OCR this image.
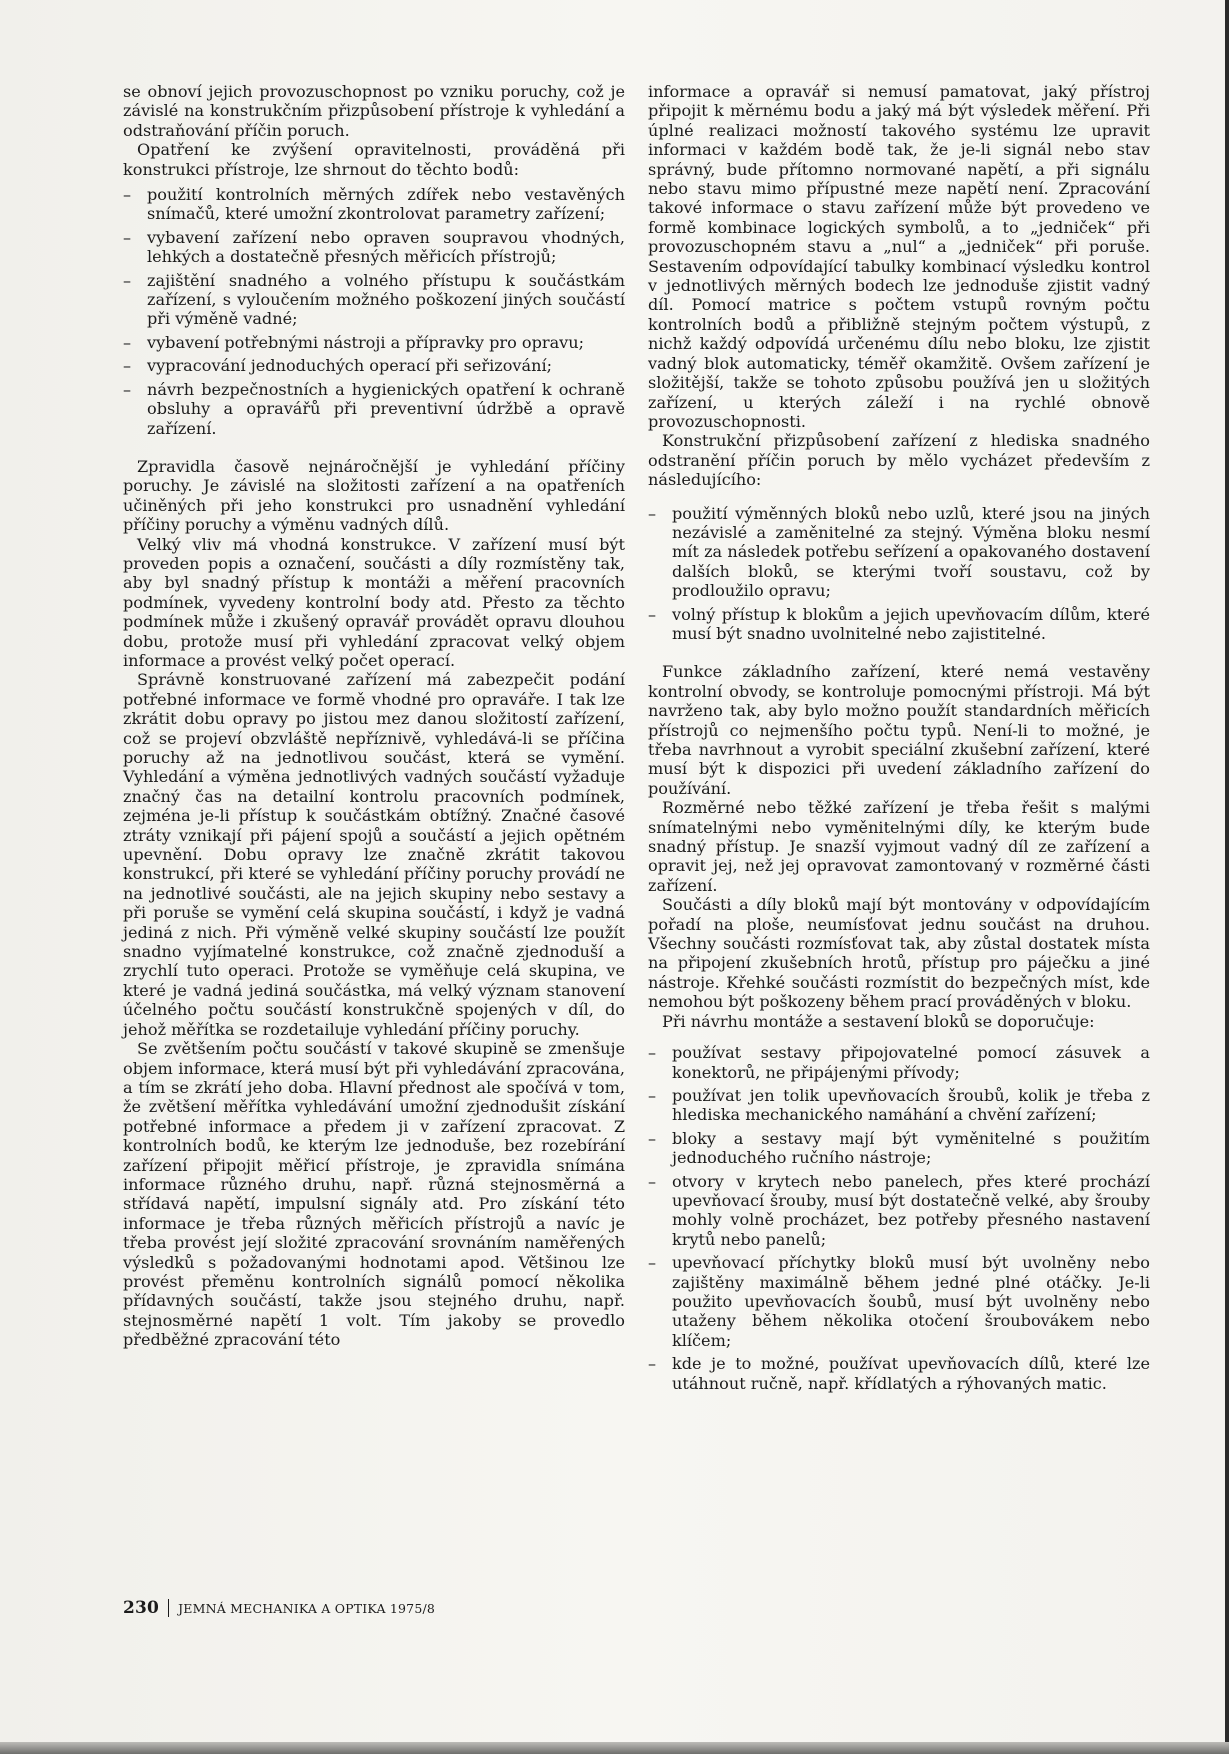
se obnoví jejich provozuschopnost po vzniku poruchy, což je závislé na konstrukčním přizpůsobení přístroje k vyhledání a odstraňování příčin poruch.

Opatření ke zvýšení opravitelnosti, prováděná při konstrukci přístroje, lze shrnout do těchto bodů:

– použití kontrolních měrných zdířek nebo vestavěných snímačů, které umožní zkontrolovat parametry zařízení;
– vybavení zařízení nebo opraven soupravou vhodných, lehkých a dostatečně přesných měřicích přístrojů;
– zajištění snadného a volného přístupu k součástkám zařízení, s vyloučením možného poškození jiných součástí při výměně vadné;
– vybavení potřebnými nástroji a přípravky pro opravu;
– vypracování jednoduchých operací při seřizování;
– návrh bezpečnostních a hygienických opatření k ochraně obsluhy a opravářů při preventivní údržbě a opravě zařízení.

Zpravidla časově nejnáročnější je vyhledání příčiny poruchy. Je závislé na složitosti zařízení a na opatřeních učiněných při jeho konstrukci pro usnadnění vyhledání příčiny poruchy a výměnu vadných dílů.

Velký vliv má vhodná konstrukce. V zařízení musí být proveden popis a označení, součásti a díly rozmístěny tak, aby byl snadný přístup k montáži a měření pracovních podmínek, vyvedeny kontrolní body atd. Přesto za těchto podmínek může i zkušený opravář provádět opravu dlouhou dobu, protože musí při vyhledání zpracovat velký objem informace a provést velký počet operací.

Správně konstruované zařízení má zabezpečit podání potřebné informace ve formě vhodné pro opraváře. I tak lze zkrátit dobu opravy po jistou mez danou složitostí zařízení, což se projeví obzvláště nepříznivě, vyhledává-li se příčina poruchy až na jednotlivou součást, která se vymění. Vyhledání a výměna jednotlivých vadných součástí vyžaduje značný čas na detailní kontrolu pracovních podmínek, zejména je-li přístup k součástkám obtížný. Značné časové ztráty vznikají při pájení spojů a součástí a jejich opětném upevnění. Dobu opravy lze značně zkrátit takovou konstrukcí, při které se vyhledání příčiny poruchy provádí ne na jednotlivé součásti, ale na jejich skupiny nebo sestavy a při poruše se vymění celá skupina součástí, i když je vadná jediná z nich. Při výměně velké skupiny součástí lze použít snadno vyjímatelné konstrukce, což značně zjednoduší a zrychlí tuto operaci. Protože se vyměňuje celá skupina, ve které je vadná jediná součástka, má velký význam stanovení účelného počtu součástí konstrukčně spojených v díl, do jehož měřítka se rozdetailuje vyhledání příčiny poruchy.

Se zvětšením počtu součástí v takové skupině se zmenšuje objem informace, která musí být při vyhledávání zpracována, a tím se zkrátí jeho doba. Hlavní přednost ale spočívá v tom, že zvětšení měřítka vyhledávání umožní zjednodušit získání potřebné informace a předem ji v zařízení zpracovat. Z kontrolních bodů, ke kterým lze jednoduše, bez rozebírání zařízení připojit měřicí přístroje, je zpravidla snímána informace různého druhu, např. různá stejnosměrná a střídavá napětí, impulsní signály atd. Pro získání této informace je třeba různých měřicích přístrojů a navíc je třeba provést její složité zpracování srovnáním naměřených výsledků s požadovanými hodnotami apod. Většinou lze provést přeměnu kontrolních signálů pomocí několika přídavných součástí, takže jsou stejného druhu, např. stejnosměrné napětí 1 volt. Tím jakoby se provedlo předběžné zpracování této

informace a opravář si nemusí pamatovat, jaký přístroj připojit k měrnému bodu a jaký má být výsledek měření. Při úplné realizaci možností takového systému lze upravit informaci v každém bodě tak, že je-li signál nebo stav správný, bude přítomno normované napětí, a při signálu nebo stavu mimo přípustné meze napětí není. Zpracování takové informace o stavu zařízení může být provedeno ve formě kombinace logických symbolů, a to „jedniček“ při provozuschopném stavu a „nul“ a „jedniček“ při poruše. Sestavením odpovídající tabulky kombinací výsledku kontrol v jednotlivých měrných bodech lze jednoduše zjistit vadný díl. Pomocí matrice s počtem vstupů rovným počtu kontrolních bodů a přibližně stejným počtem výstupů, z nichž každý odpovídá určenému dílu nebo bloku, lze zjistit vadný blok automaticky, téměř okamžitě. Ovšem zařízení je složitější, takže se tohoto způsobu používá jen u složitých zařízení, u kterých záleží i na rychlé obnově provozuschopnosti.

Konstrukční přizpůsobení zařízení z hlediska snadného odstranění příčin poruch by mělo vycházet především z následujícího:

– použití výměnných bloků nebo uzlů, které jsou na jiných nezávislé a zaměnitelné za stejný. Výměna bloku nesmí mít za následek potřebu seřízení a opakovaného dostavení dalších bloků, se kterými tvoří soustavu, což by prodloužilo opravu;
– volný přístup k blokům a jejich upevňovacím dílům, které musí být snadno uvolnitelné nebo zajistitelné.

Funkce základního zařízení, které nemá vestavěny kontrolní obvody, se kontroluje pomocnými přístroji. Má být navrženo tak, aby bylo možno použít standardních měřicích přístrojů co nejmenšího počtu typů. Není-li to možné, je třeba navrhnout a vyrobit speciální zkušební zařízení, které musí být k dispozici při uvedení základního zařízení do používání.

Rozměrné nebo těžké zařízení je třeba řešit s malými snímatelnými nebo vyměnitelnými díly, ke kterým bude snadný přístup. Je snazší vyjmout vadný díl ze zařízení a opravit jej, než jej opravovat zamontovaný v rozměrné části zařízení.

Součásti a díly bloků mají být montovány v odpovídajícím pořadí na ploše, neumísťovat jednu součást na druhou. Všechny součásti rozmísťovat tak, aby zůstal dostatek místa na připojení zkušebních hrotů, přístup pro páječku a jiné nástroje. Křehké součásti rozmístit do bezpečných míst, kde nemohou být poškozeny během prací prováděných v bloku.

Při návrhu montáže a sestavení bloků se doporučuje:

– používat sestavy připojovatelné pomocí zásuvek a konektorů, ne připájenými přívody;
– používat jen tolik upevňovacích šroubů, kolik je třeba z hlediska mechanického namáhání a chvění zařízení;
– bloky a sestavy mají být vyměnitelné s použitím jednoduchého ručního nástroje;
– otvory v krytech nebo panelech, přes které prochází upevňovací šrouby, musí být dostatečně velké, aby šrouby mohly volně procházet, bez potřeby přesného nastavení krytů nebo panelů;
– upevňovací příchytky bloků musí být uvolněny nebo zajištěny maximálně během jedné plné otáčky. Je-li použito upevňovacích šoubů, musí být uvolněny nebo utaženy během několika otočení šroubovákem nebo klíčem;
– kde je to možné, používat upevňovacích dílů, které lze utáhnout ručně, např. křídlatých a rýhovaných matic.
230 JEMNÁ MECHANIKA A OPTIKA 1975/8
